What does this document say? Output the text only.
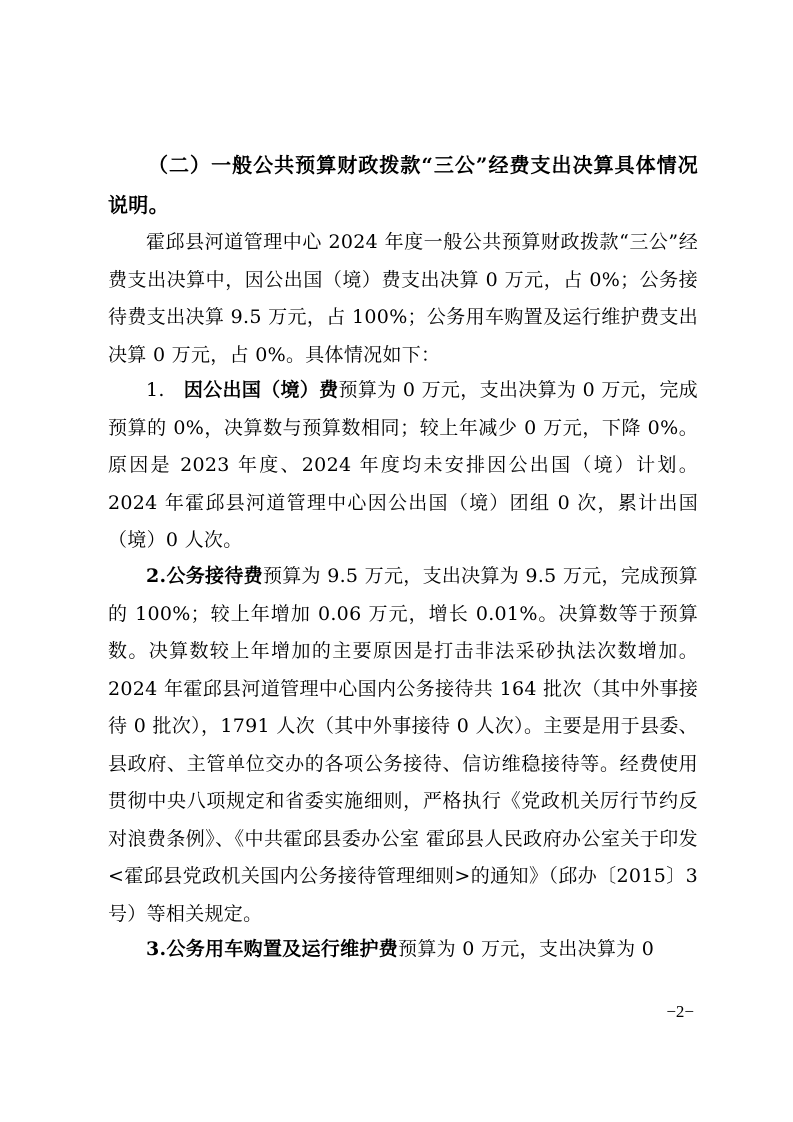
（二）一般公共预算财政拨款“三公”经费支出决算具体情况说明。
霍邱县河道管理中心 2024 年度一般公共预算财政拨款“三公”经费支出决算中，因公出国（境）费支出决算 0 万元，占 0%；公务接待费支出决算 9.5 万元，占 100%；公务用车购置及运行维护费支出决算 0 万元，占 0%。具体情况如下：
1. 因公出国（境）费预算为 0 万元，支出决算为 0 万元，完成预算的 0%，决算数与预算数相同；较上年减少 0 万元，下降 0%。原因是 2023 年度、2024 年度均未安排因公出国（境）计划。2024 年霍邱县河道管理中心因公出国（境）团组 0 次，累计出国（境）0 人次。
2.公务接待费预算为 9.5 万元，支出决算为 9.5 万元，完成预算的 100%；较上年增加 0.06 万元，增长 0.01%。决算数等于预算数。决算数较上年增加的主要原因是打击非法采砂执法次数增加。2024 年霍邱县河道管理中心国内公务接待共 164 批次（其中外事接待 0 批次），1791 人次（其中外事接待 0 人次）。主要是用于县委、县政府、主管单位交办的各项公务接待、信访维稳接待等。经费使用贯彻中央八项规定和省委实施细则，严格执行《党政机关厉行节约反对浪费条例》、《中共霍邱县委办公室 霍邱县人民政府办公室关于印发<霍邱县党政机关国内公务接待管理细则>的通知》（邱办〔2015〕3 号）等相关规定。
3.公务用车购置及运行维护费预算为 0 万元，支出决算为 0
−2−
